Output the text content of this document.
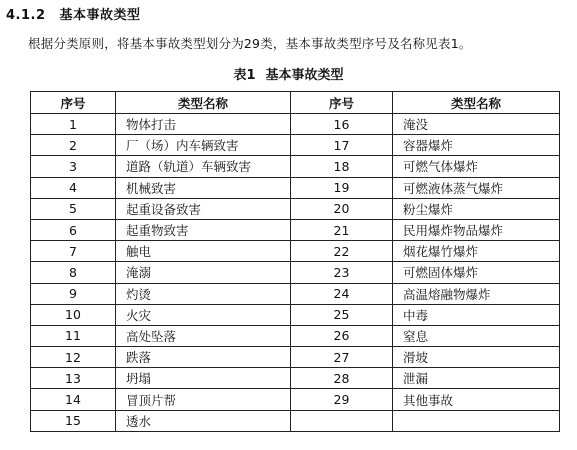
4.1.2 基本事故类型
根据分类原则，将基本事故类型划分为29类，基本事故类型序号及名称见表1。
表1 基本事故类型
序号	类型名称	序号	类型名称
1	物体打击	16	淹没
2	厂（场）内车辆致害	17	容器爆炸
3	道路（轨道）车辆致害	18	可燃气体爆炸
4	机械致害	19	可燃液体蒸气爆炸
5	起重设备致害	20	粉尘爆炸
6	起重物致害	21	民用爆炸物品爆炸
7	触电	22	烟花爆竹爆炸
8	淹溺	23	可燃固体爆炸
9	灼烫	24	高温熔融物爆炸
10	火灾	25	中毒
11	高处坠落	26	窒息
12	跌落	27	滑坡
13	坍塌	28	泄漏
14	冒顶片帮	29	其他事故
15	透水		
